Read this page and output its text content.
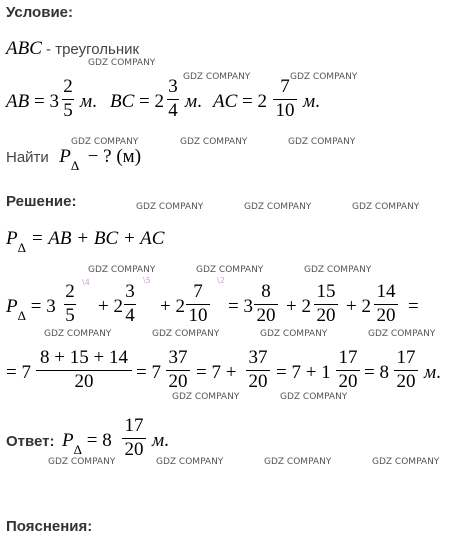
Условие:
ABC - треугольник
AB = 3
2
5 м. BC = 2
3
4 м. AC = 2
7
10 м.
Найти $P_\Delta$ − ? (м)
Решение:
$P_\Delta$ = AB + BC + AC
$P_\Delta = 3$
2
5
\4
+ 2
3
4
\5
+ 2
7
10
\2
= 3
8
20 + 2
15
20 + 2
14
20 =
= 7
8 + 15 + 14
20	= 7
37
20 = 7 +
37
20 = 7 + 1
17
20 = 8
17
20 м.
Ответ: $P_\Delta = 8$
17
20 м.
Пояснения:
GDZ COMPANY
GDZ COMPANY	GDZ COMPANY
GDZ COMPANY	GDZ COMPANY	GDZ COMPANY
GDZ COMPANY	GDZ COMPANY	GDZ COMPANY
GDZ COMPANY	GDZ COMPANY	GDZ COMPANY
GDZ COMPANY	GDZ COMPANY	GDZ COMPANY	GDZ COMPANY
GDZ COMPANY	GDZ COMPANY
GDZ COMPANY	GDZ COMPANY	GDZ COMPANY	GDZ COMPANY
